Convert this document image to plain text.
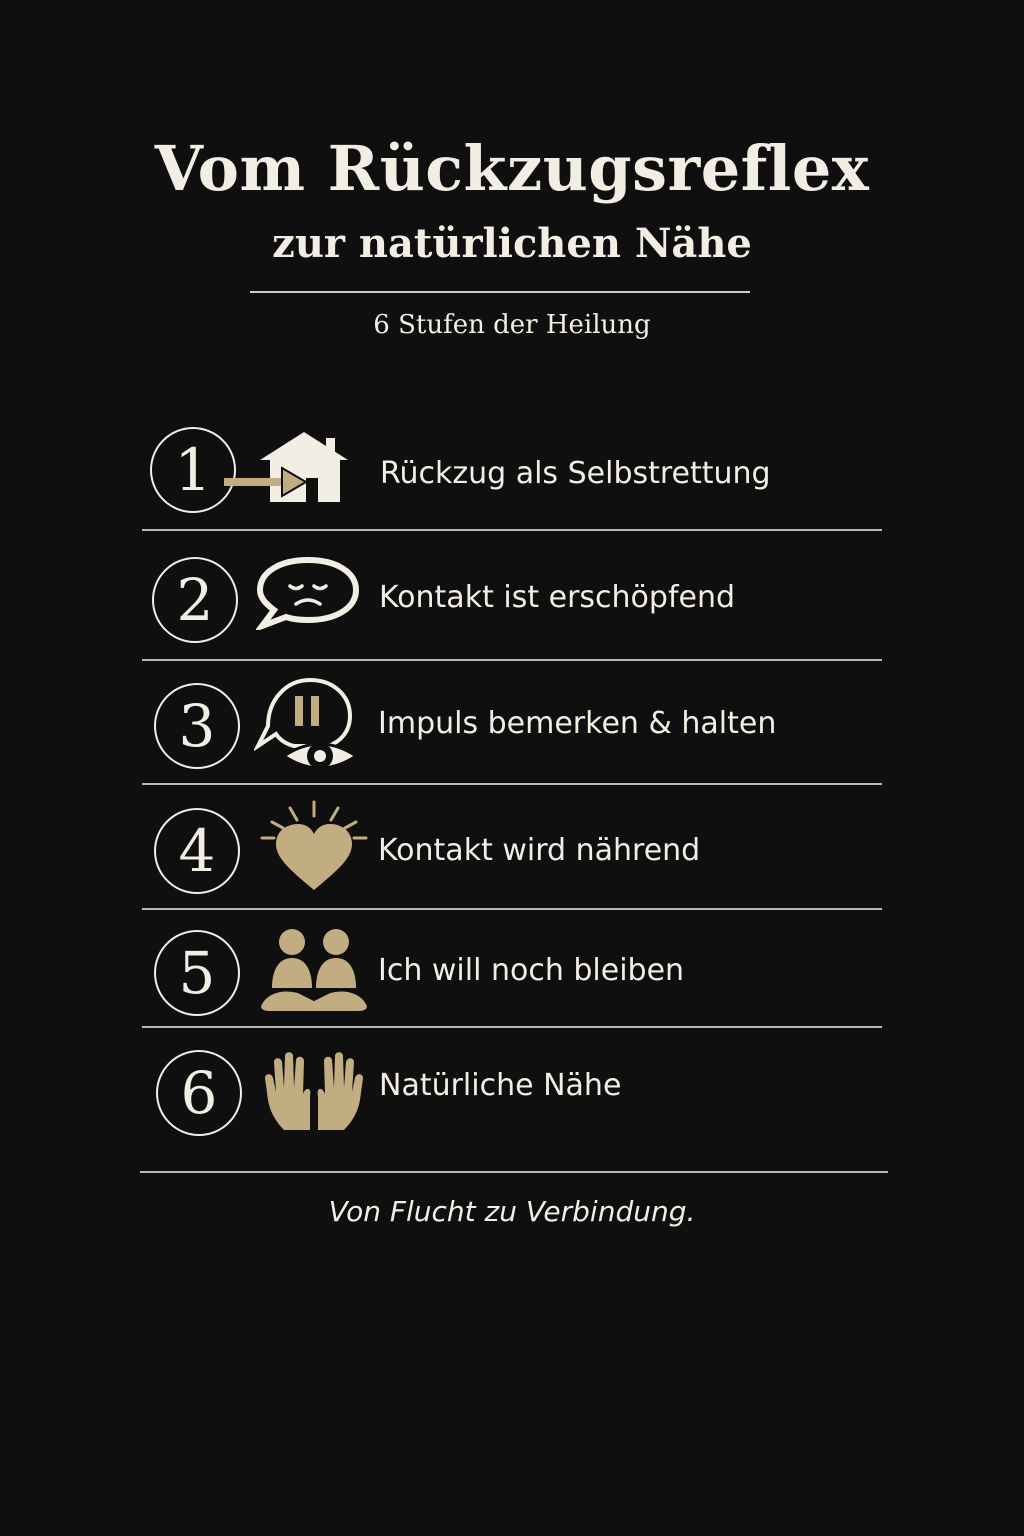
Vom Rückzugsreflex
zur natürlichen Nähe
6 Stufen der Heilung
1	Rückzug als Selbstrettung
2	Kontakt ist erschöpfend
3	Impuls bemerken & halten
4	Kontakt wird nährend
5	Ich will noch bleiben
6	Natürliche Nähe
Von Flucht zu Verbindung.
